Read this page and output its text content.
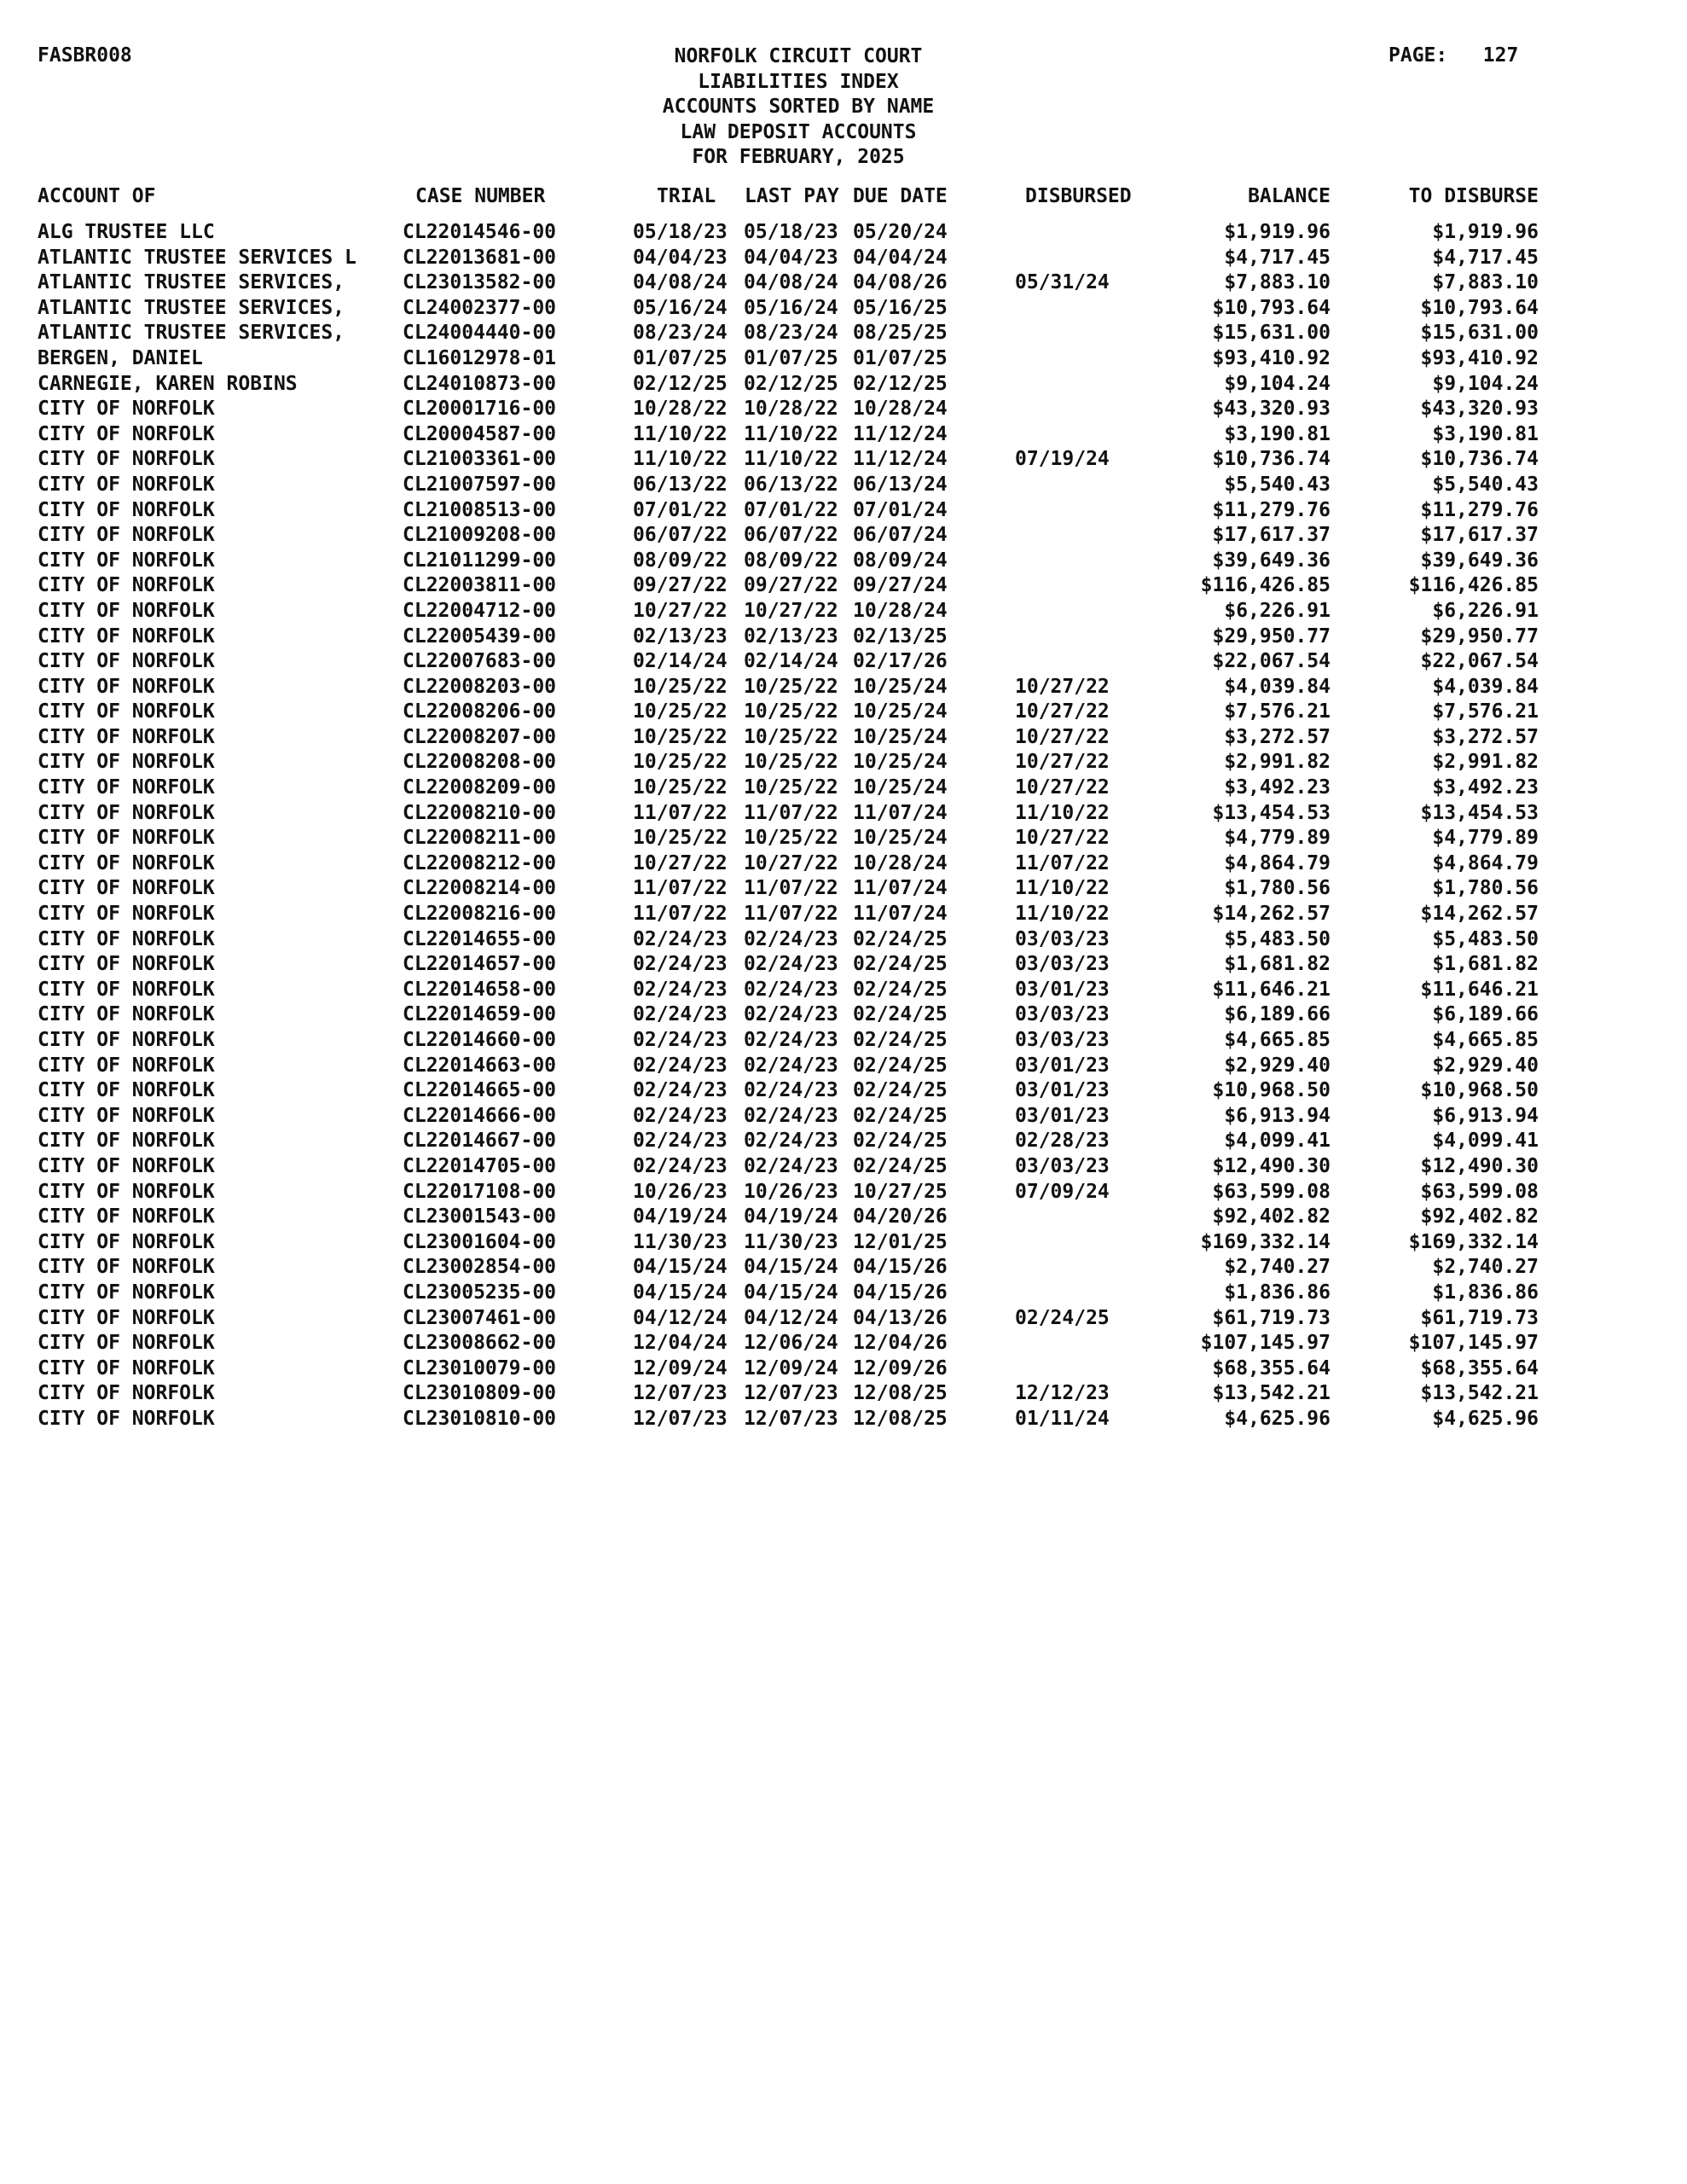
FASBR008	PAGE: 127
NORFOLK CIRCUIT COURT
LIABILITIES INDEX
ACCOUNTS SORTED BY NAME
LAW DEPOSIT ACCOUNTS
FOR FEBRUARY, 2025
ACCOUNT OF	CASE NUMBER	TRIAL LAST PAY DUE DATE	DISBURSED	BALANCE	TO DISBURSE
ALG TRUSTEE LLC	CL22014546-00	05/18/23 05/18/23 05/20/24	$1,919.96	$1,919.96
ATLANTIC TRUSTEE SERVICES L	CL22013681-00	04/04/23 04/04/23 04/04/24	$4,717.45	$4,717.45
ATLANTIC TRUSTEE SERVICES,	CL23013582-00	04/08/24 04/08/24 04/08/26	05/31/24	$7,883.10	$7,883.10
ATLANTIC TRUSTEE SERVICES,	CL24002377-00	05/16/24 05/16/24 05/16/25	$10,793.64	$10,793.64
ATLANTIC TRUSTEE SERVICES,	CL24004440-00	08/23/24 08/23/24 08/25/25	$15,631.00	$15,631.00
BERGEN, DANIEL	CL16012978-01	01/07/25 01/07/25 01/07/25	$93,410.92	$93,410.92
CARNEGIE, KAREN ROBINS	CL24010873-00	02/12/25 02/12/25 02/12/25	$9,104.24	$9,104.24
CITY OF NORFOLK	CL20001716-00	10/28/22 10/28/22 10/28/24	$43,320.93	$43,320.93
CITY OF NORFOLK	CL20004587-00	11/10/22 11/10/22 11/12/24	$3,190.81	$3,190.81
CITY OF NORFOLK	CL21003361-00	11/10/22 11/10/22 11/12/24	07/19/24	$10,736.74	$10,736.74
CITY OF NORFOLK	CL21007597-00	06/13/22 06/13/22 06/13/24	$5,540.43	$5,540.43
CITY OF NORFOLK	CL21008513-00	07/01/22 07/01/22 07/01/24	$11,279.76	$11,279.76
CITY OF NORFOLK	CL21009208-00	06/07/22 06/07/22 06/07/24	$17,617.37	$17,617.37
CITY OF NORFOLK	CL21011299-00	08/09/22 08/09/22 08/09/24	$39,649.36	$39,649.36
CITY OF NORFOLK	CL22003811-00	09/27/22 09/27/22 09/27/24	$116,426.85	$116,426.85
CITY OF NORFOLK	CL22004712-00	10/27/22 10/27/22 10/28/24	$6,226.91	$6,226.91
CITY OF NORFOLK	CL22005439-00	02/13/23 02/13/23 02/13/25	$29,950.77	$29,950.77
CITY OF NORFOLK	CL22007683-00	02/14/24 02/14/24 02/17/26	$22,067.54	$22,067.54
CITY OF NORFOLK	CL22008203-00	10/25/22 10/25/22 10/25/24	10/27/22	$4,039.84	$4,039.84
CITY OF NORFOLK	CL22008206-00	10/25/22 10/25/22 10/25/24	10/27/22	$7,576.21	$7,576.21
CITY OF NORFOLK	CL22008207-00	10/25/22 10/25/22 10/25/24	10/27/22	$3,272.57	$3,272.57
CITY OF NORFOLK	CL22008208-00	10/25/22 10/25/22 10/25/24	10/27/22	$2,991.82	$2,991.82
CITY OF NORFOLK	CL22008209-00	10/25/22 10/25/22 10/25/24	10/27/22	$3,492.23	$3,492.23
CITY OF NORFOLK	CL22008210-00	11/07/22 11/07/22 11/07/24	11/10/22	$13,454.53	$13,454.53
CITY OF NORFOLK	CL22008211-00	10/25/22 10/25/22 10/25/24	10/27/22	$4,779.89	$4,779.89
CITY OF NORFOLK	CL22008212-00	10/27/22 10/27/22 10/28/24	11/07/22	$4,864.79	$4,864.79
CITY OF NORFOLK	CL22008214-00	11/07/22 11/07/22 11/07/24	11/10/22	$1,780.56	$1,780.56
CITY OF NORFOLK	CL22008216-00	11/07/22 11/07/22 11/07/24	11/10/22	$14,262.57	$14,262.57
CITY OF NORFOLK	CL22014655-00	02/24/23 02/24/23 02/24/25	03/03/23	$5,483.50	$5,483.50
CITY OF NORFOLK	CL22014657-00	02/24/23 02/24/23 02/24/25	03/03/23	$1,681.82	$1,681.82
CITY OF NORFOLK	CL22014658-00	02/24/23 02/24/23 02/24/25	03/01/23	$11,646.21	$11,646.21
CITY OF NORFOLK	CL22014659-00	02/24/23 02/24/23 02/24/25	03/03/23	$6,189.66	$6,189.66
CITY OF NORFOLK	CL22014660-00	02/24/23 02/24/23 02/24/25	03/03/23	$4,665.85	$4,665.85
CITY OF NORFOLK	CL22014663-00	02/24/23 02/24/23 02/24/25	03/01/23	$2,929.40	$2,929.40
CITY OF NORFOLK	CL22014665-00	02/24/23 02/24/23 02/24/25	03/01/23	$10,968.50	$10,968.50
CITY OF NORFOLK	CL22014666-00	02/24/23 02/24/23 02/24/25	03/01/23	$6,913.94	$6,913.94
CITY OF NORFOLK	CL22014667-00	02/24/23 02/24/23 02/24/25	02/28/23	$4,099.41	$4,099.41
CITY OF NORFOLK	CL22014705-00	02/24/23 02/24/23 02/24/25	03/03/23	$12,490.30	$12,490.30
CITY OF NORFOLK	CL22017108-00	10/26/23 10/26/23 10/27/25	07/09/24	$63,599.08	$63,599.08
CITY OF NORFOLK	CL23001543-00	04/19/24 04/19/24 04/20/26	$92,402.82	$92,402.82
CITY OF NORFOLK	CL23001604-00	11/30/23 11/30/23 12/01/25	$169,332.14	$169,332.14
CITY OF NORFOLK	CL23002854-00	04/15/24 04/15/24 04/15/26	$2,740.27	$2,740.27
CITY OF NORFOLK	CL23005235-00	04/15/24 04/15/24 04/15/26	$1,836.86	$1,836.86
CITY OF NORFOLK	CL23007461-00	04/12/24 04/12/24 04/13/26	02/24/25	$61,719.73	$61,719.73
CITY OF NORFOLK	CL23008662-00	12/04/24 12/06/24 12/04/26	$107,145.97	$107,145.97
CITY OF NORFOLK	CL23010079-00	12/09/24 12/09/24 12/09/26	$68,355.64	$68,355.64
CITY OF NORFOLK	CL23010809-00	12/07/23 12/07/23 12/08/25	12/12/23	$13,542.21	$13,542.21
CITY OF NORFOLK	CL23010810-00	12/07/23 12/07/23 12/08/25	01/11/24	$4,625.96	$4,625.96
